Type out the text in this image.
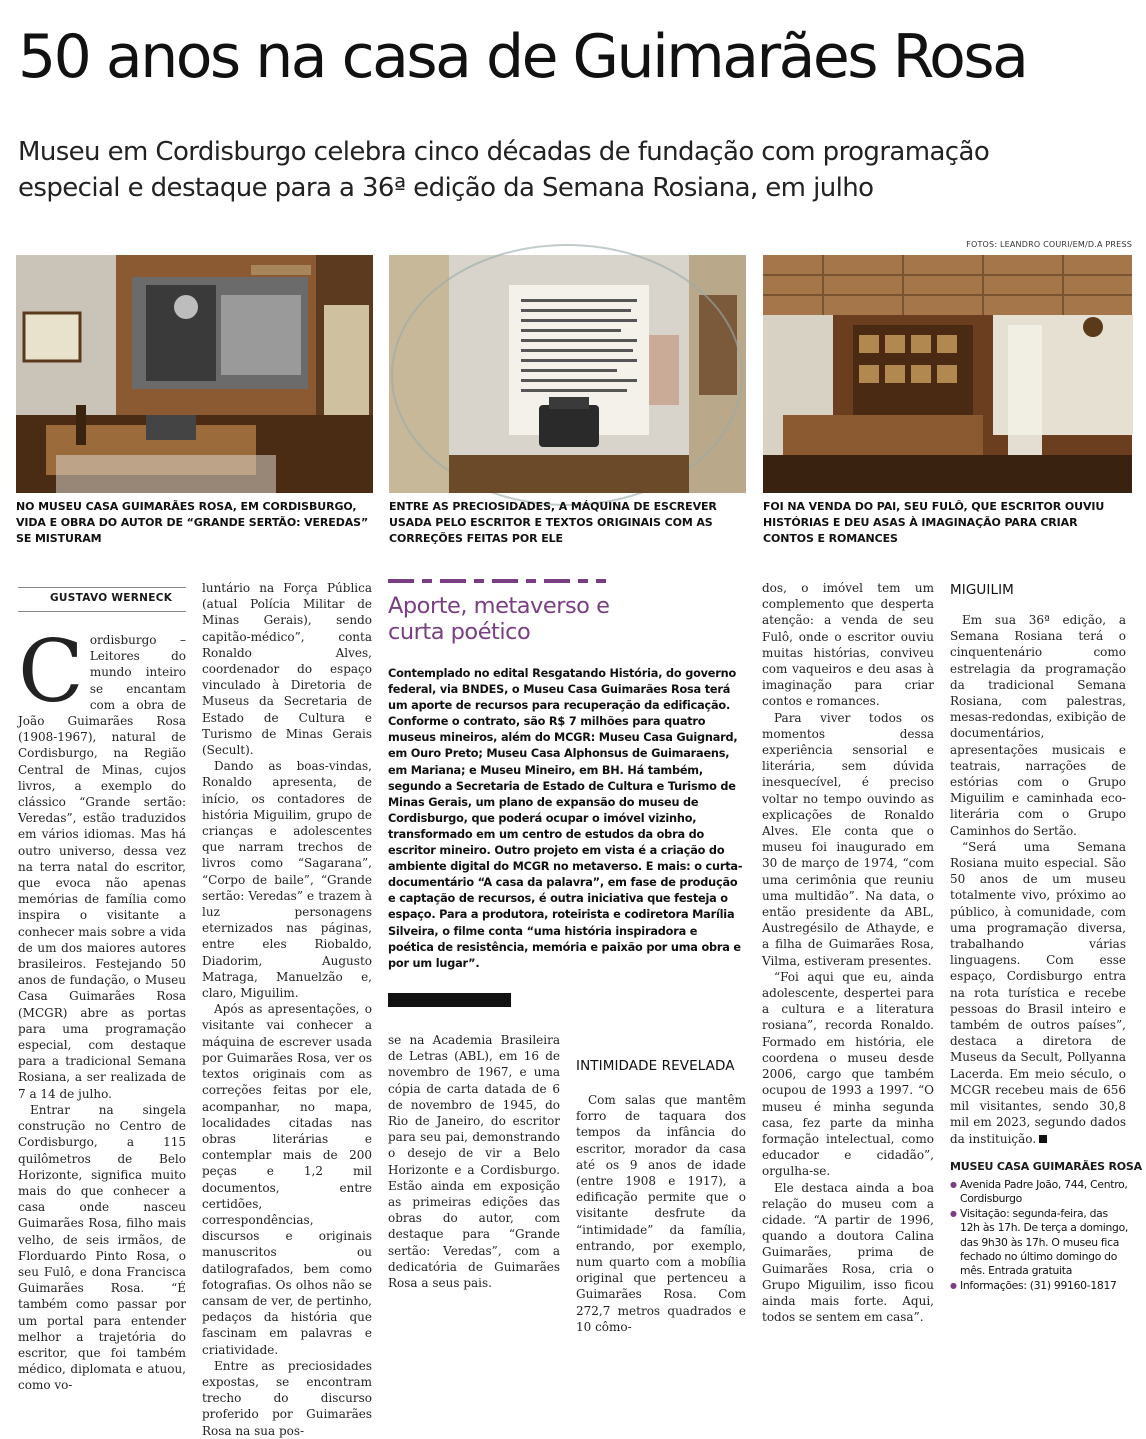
50 anos na casa de Guimarães Rosa

Museu em Cordisburgo celebra cinco décadas de fundação com programação especial e destaque para a 36ª edição da Semana Rosiana, em julho

FOTOS: LEANDRO COURI/EM/D.A PRESS
NO MUSEU CASA GUIMARÃES ROSA, EM CORDISBURGO, VIDA E OBRA DO AUTOR DE “GRANDE SERTÃO: VEREDAS” SE MISTURAM
ENTRE AS PRECIOSIDADES, A MÁQUINA DE ESCREVER USADA PELO ESCRITOR E TEXTOS ORIGINAIS COM AS CORREÇÕES FEITAS POR ELE
FOI NA VENDA DO PAI, SEU FULÔ, QUE ESCRITOR OUVIU HISTÓRIAS E DEU ASAS À IMAGINAÇÃO PARA CRIAR CONTOS E ROMANCES
GUSTAVO WERNECK

Cordisburgo – Leitores do mundo inteiro se encantam com a obra de João Guimarães Rosa (1908-1967), natural de Cordisburgo, na Região Central de Minas, cujos livros, a exemplo do clássico “Grande sertão: Veredas”, estão traduzidos em vários idiomas. Mas há outro universo, dessa vez na terra natal do escritor, que evoca não apenas memórias de família como inspira o visitante a conhecer mais sobre a vida de um dos maiores autores brasileiros. Festejando 50 anos de fundação, o Museu Casa Guimarães Rosa (MCGR) abre as portas para uma programação especial, com destaque para a tradicional Semana Rosiana, a ser realizada de 7 a 14 de julho.

Entrar na singela construção no Centro de Cordisburgo, a 115 quilômetros de Belo Horizonte, significa muito mais do que conhecer a casa onde nasceu Guimarães Rosa, filho mais velho, de seis irmãos, de Florduardo Pinto Rosa, o seu Fulô, e dona Francisca Guimarães Rosa. “É também como passar por um portal para entender melhor a trajetória do escritor, que foi também médico, diplomata e atuou, como vo-

luntário na Força Pública (atual Polícia Militar de Minas Gerais), sendo capitão-médico”, conta Ronaldo Alves, coordenador do espaço vinculado à Diretoria de Museus da Secretaria de Estado de Cultura e Turismo de Minas Gerais (Secult).

Dando as boas-vindas, Ronaldo apresenta, de início, os contadores de história Miguilim, grupo de crianças e adolescentes que narram trechos de livros como “Sagarana”, “Corpo de baile”, “Grande sertão: Veredas” e trazem à luz personagens eternizados nas páginas, entre eles Riobaldo, Diadorim, Augusto Matraga, Manuelzão e, claro, Miguilim.

Após as apresentações, o visitante vai conhecer a máquina de escrever usada por Guimarães Rosa, ver os textos originais com as correções feitas por ele, acompanhar, no mapa, localidades citadas nas obras literárias e contemplar mais de 200 peças e 1,2 mil documentos, entre certidões, correspondências, discursos e originais manuscritos ou datilografados, bem como fotografias. Os olhos não se cansam de ver, de pertinho, pedaços da história que fascinam em palavras e criatividade.

Entre as preciosidades expostas, se encontram trecho do discurso proferido por Guimarães Rosa na sua pos-

Aporte, metaverso e curta poético
Contemplado no edital Resgatando História, do governo federal, via BNDES, o Museu Casa Guimarães Rosa terá um aporte de recursos para recuperação da edificação. Conforme o contrato, são R$ 7 milhões para quatro museus mineiros, além do MCGR: Museu Casa Guignard, em Ouro Preto; Museu Casa Alphonsus de Guimaraens, em Mariana; e Museu Mineiro, em BH. Há também, segundo a Secretaria de Estado de Cultura e Turismo de Minas Gerais, um plano de expansão do museu de Cordisburgo, que poderá ocupar o imóvel vizinho, transformado em um centro de estudos da obra do escritor mineiro. Outro projeto em vista é a criação do ambiente digital do MCGR no metaverso. E mais: o curta-documentário “A casa da palavra”, em fase de produção e captação de recursos, é outra iniciativa que festeja o espaço. Para a produtora, roteirista e codiretora Marília Silveira, o filme conta “uma história inspiradora e poética de resistência, memória e paixão por uma obra e por um lugar”.

se na Academia Brasileira de Letras (ABL), em 16 de novembro de 1967, e uma cópia de carta datada de 6 de novembro de 1945, do Rio de Janeiro, do escritor para seu pai, demonstrando o desejo de vir a Belo Horizonte e a Cordisburgo. Estão ainda em exposição as primeiras edições das obras do autor, com destaque para “Grande sertão: Veredas”, com a dedicatória de Guimarães Rosa a seus pais.

INTIMIDADE REVELADA

Com salas que mantêm forro de taquara dos tempos da infância do escritor, morador da casa até os 9 anos de idade (entre 1908 e 1917), a edificação permite que o visitante desfrute da “intimidade” da família, entrando, por exemplo, num quarto com a mobília original que pertenceu a Guimarães Rosa. Com 272,7 metros quadrados e 10 cômo-

dos, o imóvel tem um complemento que desperta atenção: a venda de seu Fulô, onde o escritor ouviu muitas histórias, conviveu com vaqueiros e deu asas à imaginação para criar contos e romances.

Para viver todos os momentos dessa experiência sensorial e literária, sem dúvida inesquecível, é preciso voltar no tempo ouvindo as explicações de Ronaldo Alves. Ele conta que o museu foi inaugurado em 30 de março de 1974, “com uma cerimônia que reuniu uma multidão”. Na data, o então presidente da ABL, Austregésilo de Athayde, e a filha de Guimarães Rosa, Vilma, estiveram presentes.

“Foi aqui que eu, ainda adolescente, despertei para a cultura e a literatura rosiana”, recorda Ronaldo. Formado em história, ele coordena o museu desde 2006, cargo que também ocupou de 1993 a 1997. “O museu é minha segunda casa, fez parte da minha formação intelectual, como educador e cidadão”, orgulha-se.

Ele destaca ainda a boa relação do museu com a cidade. “A partir de 1996, quando a doutora Calina Guimarães, prima de Guimarães Rosa, cria o Grupo Miguilim, isso ficou ainda mais forte. Aqui, todos se sentem em casa”.

MIGUILIM

Em sua 36ª edição, a Semana Rosiana terá o cinquentenário como estrelagia da programação da tradicional Semana Rosiana, com palestras, mesas-redondas, exibição de documentários, apresentações musicais e teatrais, narrações de estórias com o Grupo Miguilim e caminhada eco-literária com o Grupo Caminhos do Sertão.

“Será uma Semana Rosiana muito especial. São 50 anos de um museu totalmente vivo, próximo ao público, à comunidade, com uma programação diversa, trabalhando várias linguagens. Com esse espaço, Cordisburgo entra na rota turística e recebe pessoas do Brasil inteiro e também de outros países”, destaca a diretora de Museus da Secult, Pollyanna Lacerda. Em meio século, o MCGR recebeu mais de 656 mil visitantes, sendo 30,8 mil em 2023, segundo dados da instituição.

MUSEU CASA GUIMARÃES ROSA
● Avenida Padre João, 744, Centro, Cordisburgo
● Visitação: segunda-feira, das 12h às 17h. De terça a domingo, das 9h30 às 17h. O museu fica fechado no último domingo do mês. Entrada gratuita
● Informações: (31) 99160-1817
